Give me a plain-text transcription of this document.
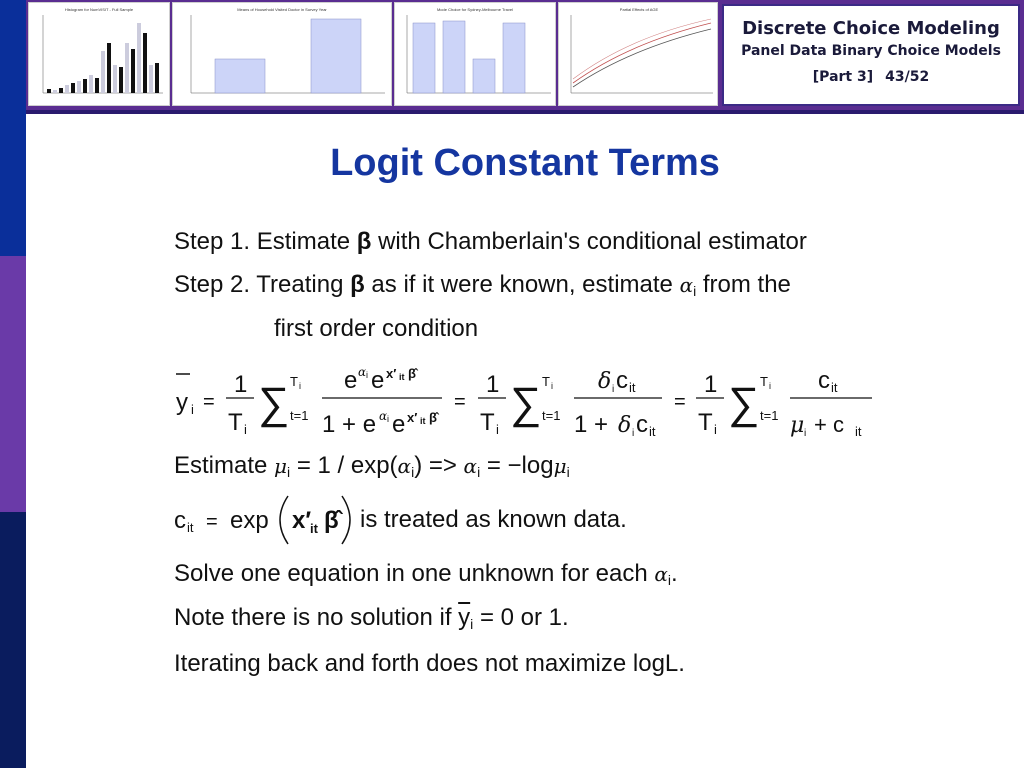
Histogram for NumVISIT - Full Sample	Means of Household Visited Doctor in Survey Year	Mode Choice for Sydney-Melbourne Travel	Partial Effects of AGE
Discrete Choice Modeling
Panel Data Binary Choice Models
[Part 3] 43/52
Logit Constant Terms
Step 1. Estimate β with Chamberlain's conditional estimator
Step 2. Treating β as if it were known, estimate $\alpha_i$ from the
first order condition
y i =
1
T i
∑ T i
t=1
e α i e x′ it β̂
1 + e α i e x′ it β̂
=
1
T i
∑ T i
t=1
δ i c it
1 + δ i c it
=
1
T i
∑ T i
t=1
c it
μ i + c it
Estimate $\mu_i = 1 / \exp(\alpha_i) => \alpha_i = -\log\mu_i$
c it = exp x′
it β̂ is treated as known data.
Solve one equation in one unknown for each $\alpha_i$.
Note there is no solution if $\overline{y}_i = 0$ or 1.
Iterating back and forth does not maximize logL.
